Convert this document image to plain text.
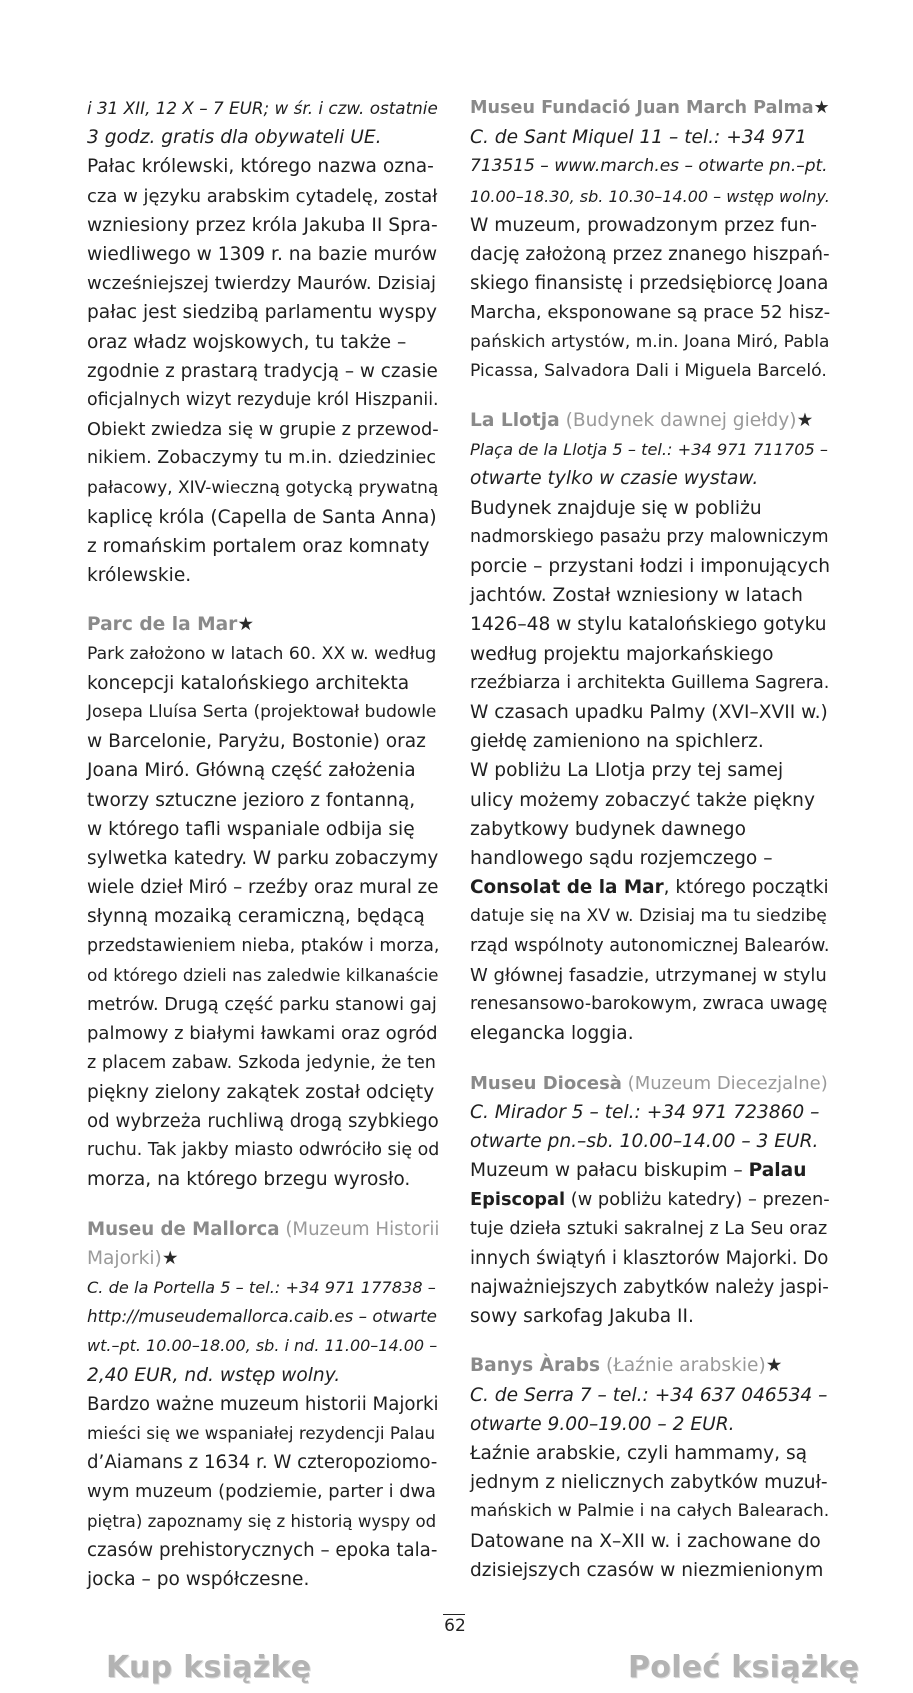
i 31 XII, 12 X – 7 EUR; w śr. i czw. ostatnie
3 godz. gratis dla obywateli UE.
Pałac królewski, którego nazwa ozna-
cza w języku arabskim cytadelę, został
wzniesiony przez króla Jakuba II Spra-
wiedliwego w 1309 r. na bazie murów
wcześniejszej twierdzy Maurów. Dzisiaj
pałac jest siedzibą parlamentu wyspy
oraz władz wojskowych, tu także –
zgodnie z prastarą tradycją – w czasie
oficjalnych wizyt rezyduje król Hiszpanii.
Obiekt zwiedza się w grupie z przewod-
nikiem. Zobaczymy tu m.in. dziedziniec
pałacowy, XIV-wieczną gotycką prywatną
kaplicę króla (Capella de Santa Anna)
z romańskim portalem oraz komnaty
królewskie.
Parc de la Mar★
Park założono w latach 60. XX w. według
koncepcji katalońskiego architekta
Josepa Lluísa Serta (projektował budowle
w Barcelonie, Paryżu, Bostonie) oraz
Joana Miró. Główną część założenia
tworzy sztuczne jezioro z fontanną,
w którego tafli wspaniale odbija się
sylwetka katedry. W parku zobaczymy
wiele dzieł Miró – rzeźby oraz mural ze
słynną mozaiką ceramiczną, będącą
przedstawieniem nieba, ptaków i morza,
od którego dzieli nas zaledwie kilkanaście
metrów. Drugą część parku stanowi gaj
palmowy z białymi ławkami oraz ogród
z placem zabaw. Szkoda jedynie, że ten
piękny zielony zakątek został odcięty
od wybrzeża ruchliwą drogą szybkiego
ruchu. Tak jakby miasto odwróciło się od
morza, na którego brzegu wyrosło.
Museu de Mallorca (Muzeum Historii
Majorki)★
C. de la Portella 5 – tel.: +34 971 177838 –
http://museudemallorca.caib.es – otwarte
wt.–pt. 10.00–18.00, sb. i nd. 11.00–14.00 –
2,40 EUR, nd. wstęp wolny.
Bardzo ważne muzeum historii Majorki
mieści się we wspaniałej rezydencji Palau
d’Aiamans z 1634 r. W czteropoziomo-
wym muzeum (podziemie, parter i dwa
piętra) zapoznamy się z historią wyspy od
czasów prehistorycznych – epoka tala-
jocka – po współczesne.
Museu Fundació Juan March Palma★
C. de Sant Miquel 11 – tel.: +34 971
713515 – www.march.es – otwarte pn.–pt.
10.00–18.30, sb. 10.30–14.00 – wstęp wolny.
W muzeum, prowadzonym przez fun-
dację założoną przez znanego hiszpań-
skiego finansistę i przedsiębiorcę Joana
Marcha, eksponowane są prace 52 hisz-
pańskich artystów, m.in. Joana Miró, Pabla
Picassa, Salvadora Dali i Miguela Barceló.
La Llotja (Budynek dawnej giełdy)★
Plaça de la Llotja 5 – tel.: +34 971 711705 –
otwarte tylko w czasie wystaw.
Budynek znajduje się w pobliżu
nadmorskiego pasażu przy malowniczym
porcie – przystani łodzi i imponujących
jachtów. Został wzniesiony w latach
1426–48 w stylu katalońskiego gotyku
według projektu majorkańskiego
rzeźbiarza i architekta Guillema Sagrera.
W czasach upadku Palmy (XVI–XVII w.)
giełdę zamieniono na spichlerz.
W pobliżu La Llotja przy tej samej
ulicy możemy zobaczyć także piękny
zabytkowy budynek dawnego
handlowego sądu rozjemczego –
Consolat de la Mar, którego początki
datuje się na XV w. Dzisiaj ma tu siedzibę
rząd wspólnoty autonomicznej Balearów.
W głównej fasadzie, utrzymanej w stylu
renesansowo-barokowym, zwraca uwagę
elegancka loggia.
Museu Diocesà (Muzeum Diecezjalne)
C. Mirador 5 – tel.: +34 971 723860 –
otwarte pn.–sb. 10.00–14.00 – 3 EUR.
Muzeum w pałacu biskupim – Palau
Episcopal (w pobliżu katedry) – prezen-
tuje dzieła sztuki sakralnej z La Seu oraz
innych świątyń i klasztorów Majorki. Do
najważniejszych zabytków należy jaspi-
sowy sarkofag Jakuba II.
Banys Àrabs (Łaźnie arabskie)★
C. de Serra 7 – tel.: +34 637 046534 –
otwarte 9.00–19.00 – 2 EUR.
Łaźnie arabskie, czyli hammamy, są
jednym z nielicznych zabytków muzuł-
mańskich w Palmie i na całych Balearach.
Datowane na X–XII w. i zachowane do
dzisiejszych czasów w niezmienionym
62
Kup książkę	Poleć książkę
